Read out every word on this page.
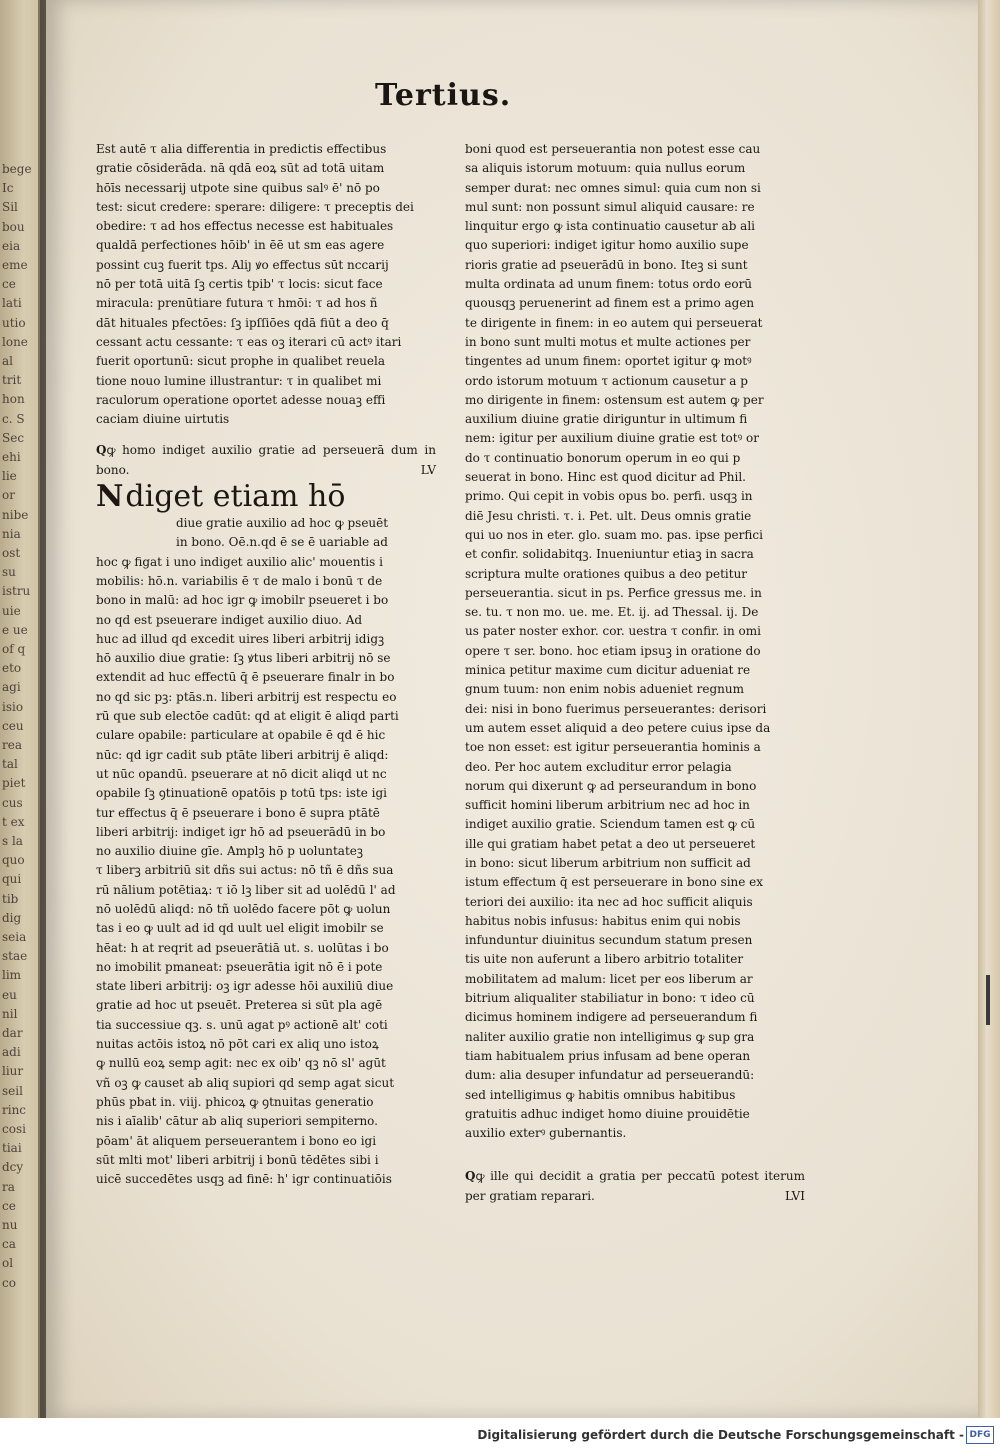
bege
Ic
Sil
bou
eia
eme
ce
lati
utio
lone
al
trit
hon
c. S
Sec
ehi
lie
or
nibe
nia
ost
su
istru
uie
e ue
of q
eto
agi
isio
ceu
rea
tal
piet
cus
t ex
s la
quo
qui
tib
dig
seia
stae
lim
eu
nil
dar
adi
liur
seil
rinc
cosi
tiai
dcy
ra
ce
nu
ca
ol
co
Tertius.
Est autē τ alia differentia in predictis effectibus
gratie cōsiderāda. nā qdā eoꝝ sūt ad totā uitam
hōīs necessarij utpote sine quibus salꝰ ē' nō po
test: sicut credere: sperare: diligere: τ preceptis dei
obedire: τ ad hos effectus necesse est habituales
qualdā perfectiones hōib' in ēē ut sm eas agere
possint cuꝫ fuerit tps. Aliȷ ꝟo effectus sūt nccarij
nō per totā uitā ſꝫ certis tpib' τ locis: sicut face
miracula: prenūtiare futura τ hmōi: τ ad hos ñ
dāt hituales pfectōes: ſꝫ ipſſiōes qdā fiūt a deo q̄
cessant actu cessante: τ eas oꝫ iterari cū actꝰ itari
fuerit oportunū: sicut prophe in qualibet reuela
tione nouo lumine illustrantur: τ in qualibet mi
raculorum operatione oportet adesse nouaꝫ effi
caciam diuine uirtutis

Qꝙ homo indiget auxilio gratie ad perseuerā dum in bono.	LV

N diget etiam hō
diue gratie auxilio ad hoc ꝙ pseuēt
in bono. Oē.n.qd ē se ē uariable ad
hoc ꝙ figat i uno indiget auxilio alic' mouentis i
mobilis: hō.n. variabilis ē τ de malo i bonū τ de
bono in malū: ad hoc igr ꝙ imobilr pseueret i bo
no qd est pseuerare indiget auxilio diuo. Ad
huc ad illud qd excedit uires liberi arbitrij idigꝫ
hō auxilio diue gratie: ſꝫ ꝟtus liberi arbitrij nō se
extendit ad huc effectū q̄ ē pseuerare finalr in bo
no qd sic pꝫ: ptās.n. liberi arbitrij est respectu eo
rū que sub electōe cadūt: qd at eligit ē aliqd parti
culare opabile: particulare at opabile ē qd ē hic
nūc: qd igr cadit sub ptāte liberi arbitrij ē aliqd:
ut nūc opandū. pseuerare at nō dicit aliqd ut nc
opabile ſꝫ ꝯtinuationē opatōis p totū tps: iste igi
tur effectus q̄ ē pseuerare i bono ē supra ptātē
liberi arbitrij: indiget igr hō ad pseuerādū in bo
no auxilio diuine gīe. Amplꝫ hō p uoluntateꝫ
τ liberꝫ arbitriū sit dñs sui actus: nō tñ ē dñs sua
rū nālium potētiaꝝ: τ iō lꝫ liber sit ad uolēdū l' ad
nō uolēdū aliqd: nō tñ uolēdo facere pōt ꝙ uolun
tas i eo ꝙ uult ad id qd uult uel eligit imobilr se
hēat: h at reqrit ad pseuerātiā ut. s. uolūtas i bo
no imobilit pmaneat: pseuerātia igit nō ē i pote
state liberi arbitrij: oꝫ igr adesse hōi auxiliū diue
gratie ad hoc ut pseuēt. Preterea si sūt pla agē
tia successiue qꝫ. s. unū agat pꝰ actionē alt' coti
nuitas actōis istoꝝ nō pōt cari ex aliq uno istoꝝ
ꝙ nullū eoꝝ semp agit: nec ex oib' qꝫ nō sl' agūt
vñ oꝫ ꝙ causet ab aliq supiori qd semp agat sicut
phūs pbat in. viij. phicoꝝ ꝙ ꝯtnuitas generatio
nis i aīalib' cātur ab aliq superiori sempiterno.
pōam' āt aliquem perseuerantem i bono eo igi
sūt mlti mot' liberi arbitrij i bonū tēdētes sibi i
uicē succedētes usqꝫ ad finē: h' igr continuatiōis
boni quod est perseuerantia non potest esse cau
sa aliquis istorum motuum: quia nullus eorum
semper durat: nec omnes simul: quia cum non si
mul sunt: non possunt simul aliquid causare: re
linquitur ergo ꝙ ista continuatio causetur ab ali
quo superiori: indiget igitur homo auxilio supe
rioris gratie ad pseuerādū in bono. Iteꝫ si sunt
multa ordinata ad unum finem: totus ordo eorū
quousqꝫ peruenerint ad finem est a primo agen
te dirigente in finem: in eo autem qui perseuerat
in bono sunt multi motus et multe actiones per
tingentes ad unum finem: oportet igitur ꝙ motꝰ
ordo istorum motuum τ actionum causetur a p
mo dirigente in finem: ostensum est autem ꝙ per
auxilium diuine gratie diriguntur in ultimum fi
nem: igitur per auxilium diuine gratie est totꝰ or
do τ continuatio bonorum operum in eo qui p
seuerat in bono. Hinc est quod dicitur ad Phil.
primo. Qui cepit in vobis opus bo. perfi. usqꝫ in
diē Jesu christi. τ. i. Pet. ult. Deus omnis gratie
qui uo nos in eter. glo. suam mo. pas. ipse perfici
et confir. solidabitqꝫ. Inueniuntur etiaꝫ in sacra
scriptura multe orationes quibus a deo petitur
perseuerantia. sicut in ps. Perfice gressus me. in
se. tu. τ non mo. ue. me. Et. ij. ad Thessal. ij. De
us pater noster exhor. cor. uestra τ confir. in omi
opere τ ser. bono. hoc etiam ipsuꝫ in oratione do
minica petitur maxime cum dicitur adueniat re
gnum tuum: non enim nobis adueniet regnum
dei: nisi in bono fuerimus perseuerantes: derisori
um autem esset aliquid a deo petere cuius ipse da
toe non esset: est igitur perseuerantia hominis a
deo. Per hoc autem excluditur error pelagia
norum qui dixerunt ꝙ ad perseurandum in bono
sufficit homini liberum arbitrium nec ad hoc in
indiget auxilio gratie. Sciendum tamen est ꝙ cū
ille qui gratiam habet petat a deo ut perseueret
in bono: sicut liberum arbitrium non sufficit ad
istum effectum q̄ est perseuerare in bono sine ex
teriori dei auxilio: ita nec ad hoc sufficit aliquis
habitus nobis infusus: habitus enim qui nobis
infunduntur diuinitus secundum statum presen
tis uite non auferunt a libero arbitrio totaliter
mobilitatem ad malum: licet per eos liberum ar
bitrium aliqualiter stabiliatur in bono: τ ideo cū
dicimus hominem indigere ad perseuerandum fi
naliter auxilio gratie non intelligimus ꝙ sup gra
tiam habitualem prius infusam ad bene operan
dum: alia desuper infundatur ad perseuerandū:
sed intelligimus ꝙ habitis omnibus habitibus
gratuitis adhuc indiget homo diuine prouidētie
auxilio exterꝰ gubernantis.

Qꝙ ille qui decidit a gratia per peccatū potest iterum per gratiam reparari.	LVI

Digitalisierung gefördert durch die Deutsche Forschungsgemeinschaft - DFG
